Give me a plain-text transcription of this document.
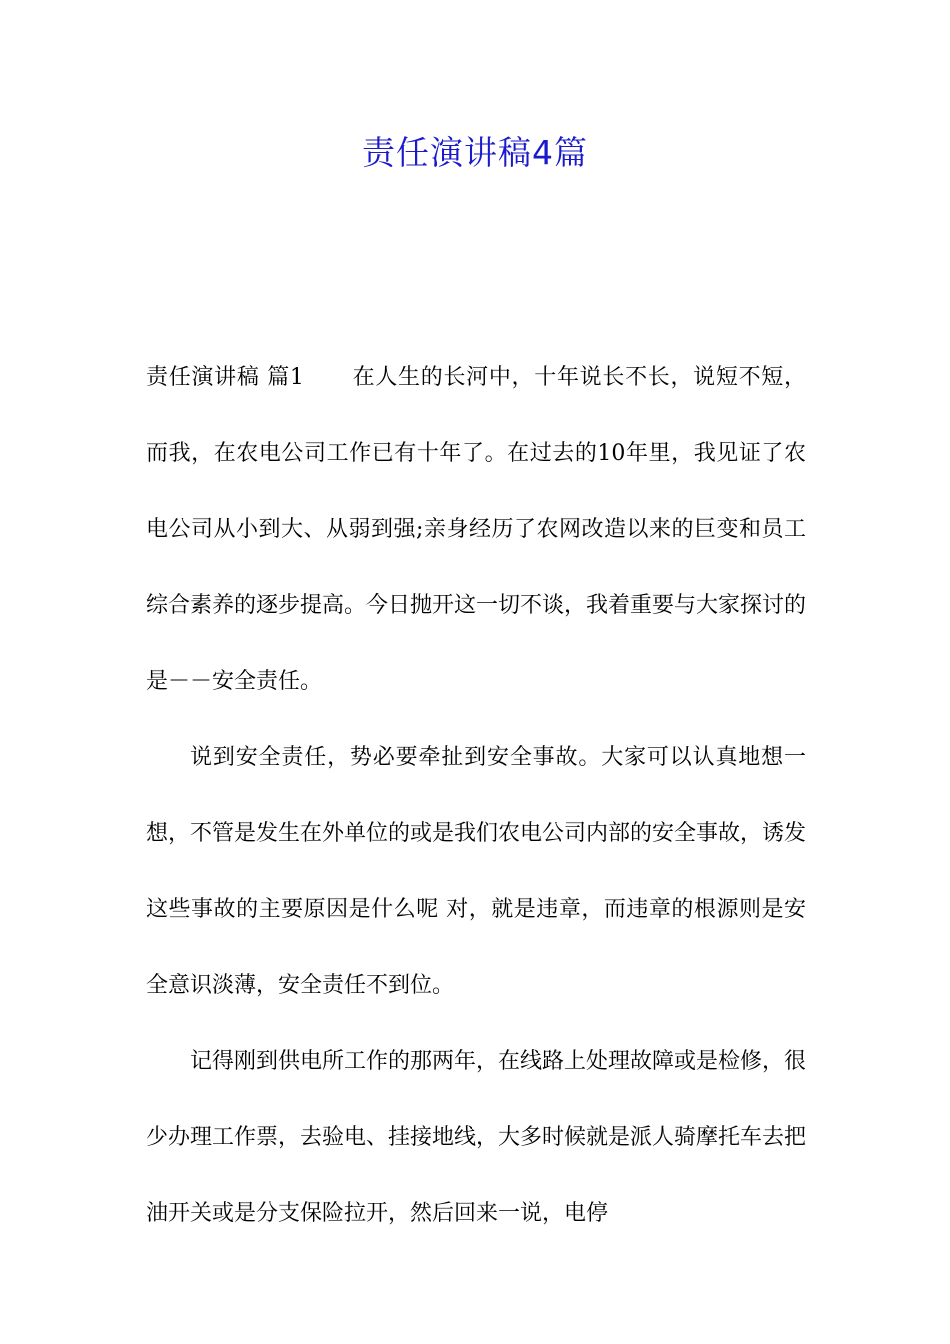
责任演讲稿4篇

责任演讲稿 篇1 在人生的长河中，十年说长不长，说短不短，而我，在农电公司工作已有十年了。在过去的10年里，我见证了农电公司从小到大、从弱到强;亲身经历了农网改造以来的巨变和员工综合素养的逐步提高。今日抛开这一切不谈，我着重要与大家探讨的是－－安全责任。

说到安全责任，势必要牵扯到安全事故。大家可以认真地想一想，不管是发生在外单位的或是我们农电公司内部的安全事故，诱发这些事故的主要原因是什么呢 对，就是违章，而违章的根源则是安全意识淡薄，安全责任不到位。

记得刚到供电所工作的那两年，在线路上处理故障或是检修，很少办理工作票，去验电、挂接地线，大多时候就是派人骑摩托车去把油开关或是分支保险拉开，然后回来一说，电停
